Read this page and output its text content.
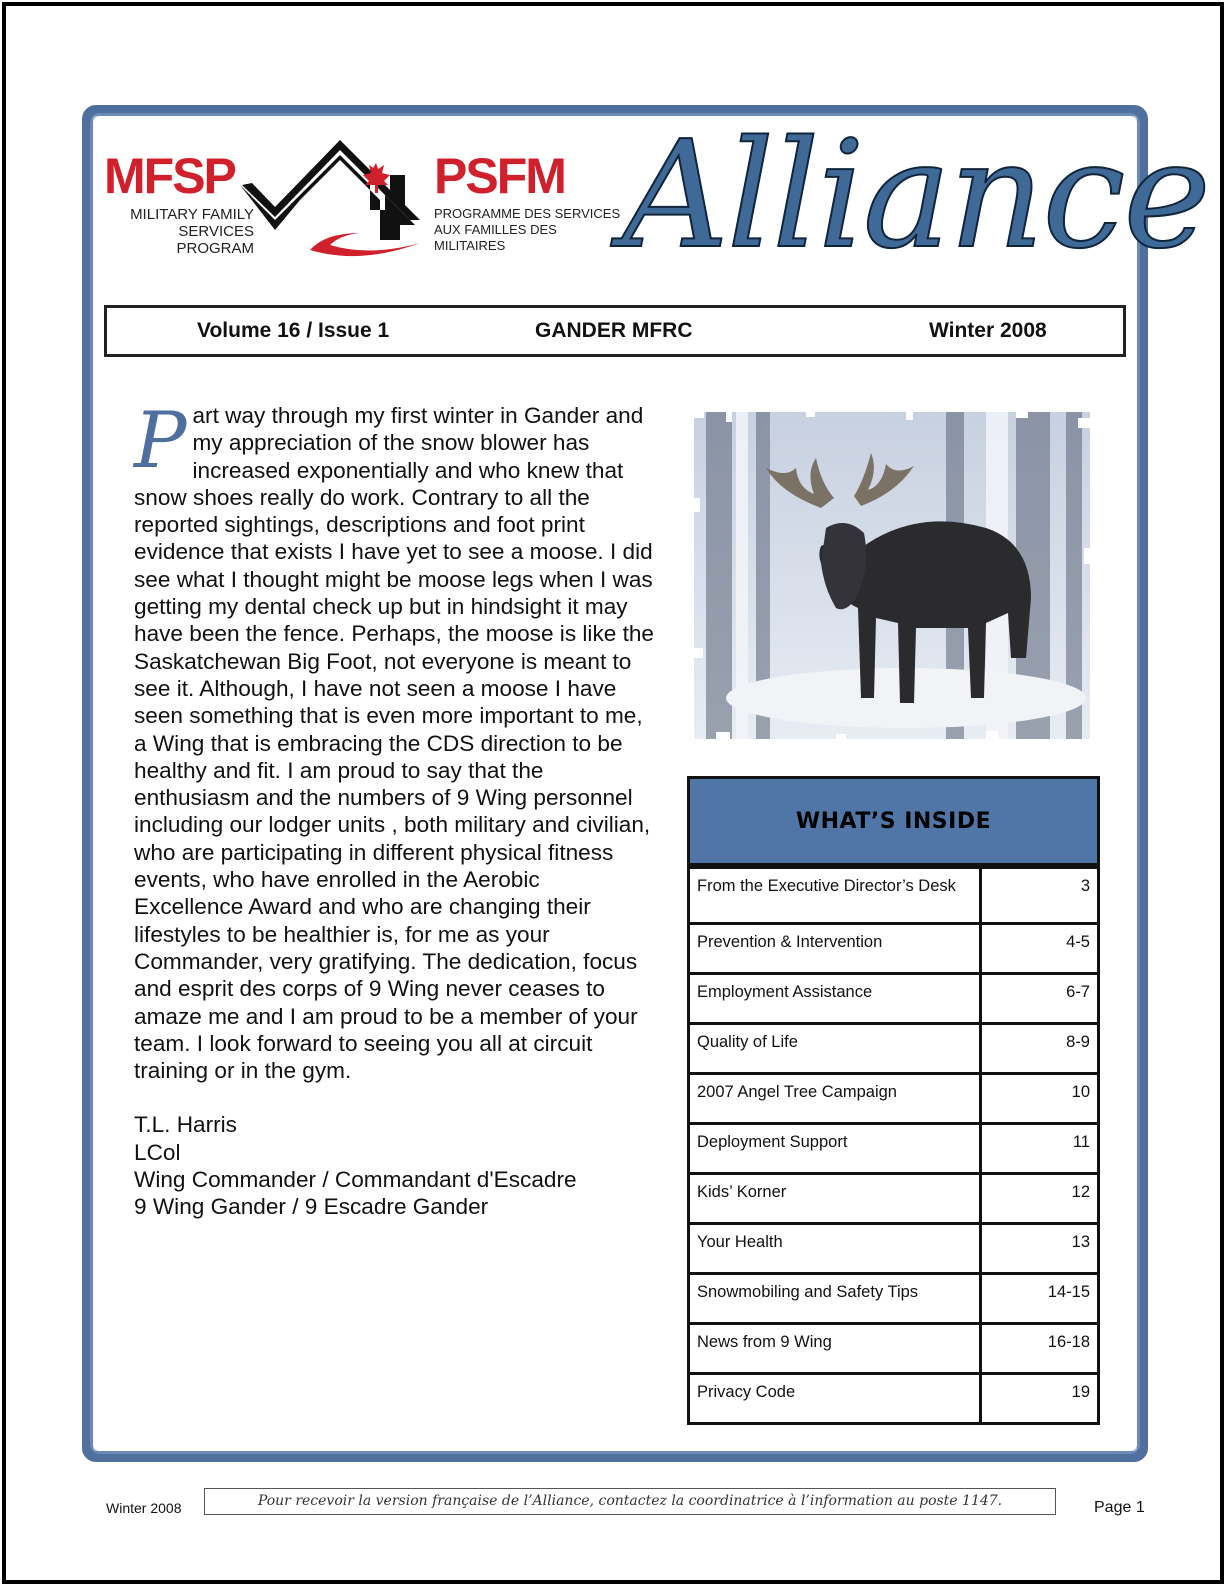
MFSP
MILITARY FAMILY
SERVICES PROGRAM
PSFM
PROGRAMME DES SERVICES
AUX FAMILLES DES MILITAIRES Alliance
Volume 16 / Issue 1	GANDER MFRC	Winter 2008
Part way through my first winter in Gander and my appreciation of the snow blower has increased exponentially and who knew that snow shoes really do work. Contrary to all the reported sightings, descriptions and foot print evidence that exists I have yet to see a moose. I did see what I thought might be moose legs when I was getting my dental check up but in hindsight it may have been the fence. Perhaps, the moose is like the Saskatchewan Big Foot, not everyone is meant to see it. Although, I have not seen a moose I have seen something that is even more important to me, a Wing that is embracing the CDS direction to be healthy and fit. I am proud to say that the enthusiasm and the numbers of 9 Wing personnel including our lodger units , both military and civilian, who are participating in different physical fitness events, who have enrolled in the Aerobic Excellence Award and who are changing their lifestyles to be healthier is, for me as your Commander, very gratifying. The dedication, focus and esprit des corps of 9 Wing never ceases to amaze me and I am proud to be a member of your team. I look forward to seeing you all at circuit training or in the gym.
T.L. Harris
LCol
Wing Commander / Commandant d'Escadre
9 Wing Gander / 9 Escadre Gander
WHAT’S INSIDE
From the Executive Director’s Desk	3
Prevention & Intervention	4-5
Employment Assistance	6-7
Quality of Life	8-9
2007 Angel Tree Campaign	10
Deployment Support	11
Kids’ Korner	12
Your Health	13
Snowmobiling and Safety Tips	14-15
News from 9 Wing	16-18
Privacy Code	19
Winter 2008	Pour recevoir la version française de l’Alliance, contactez la coordinatrice à l’information au poste 1147.	Page 1
